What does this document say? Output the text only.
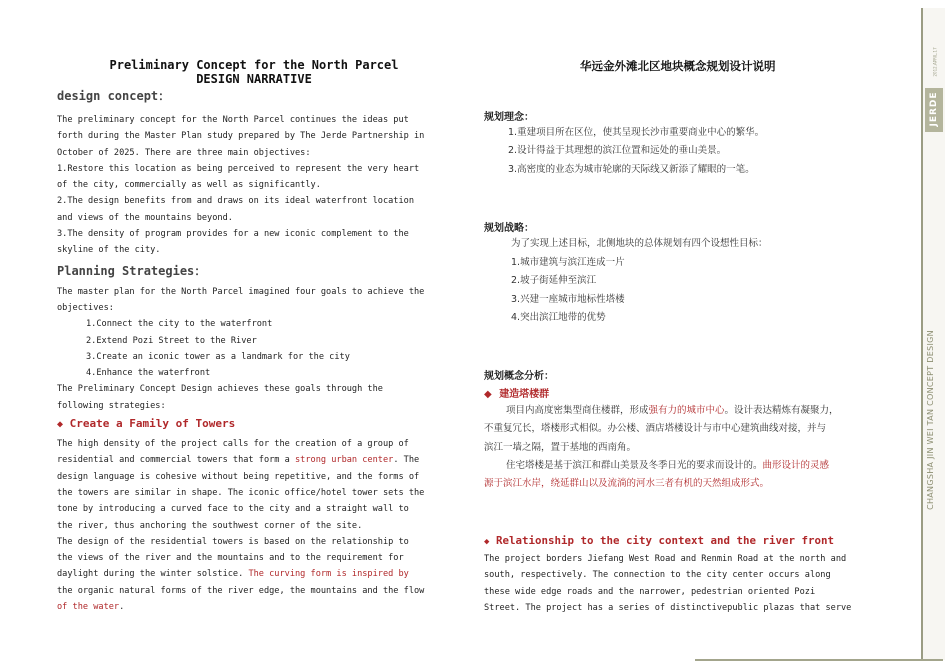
Preliminary Concept for the North Parcel
DESIGN NARRATIVE
design concept：
The preliminary concept for the North Parcel continues the ideas put
forth during the Master Plan study prepared by The Jerde Partnership in
October of 2025. There are three main objectives:
1.Restore this location as being perceived to represent the very heart
of the city, commercially as well as significantly.
2.The design benefits from and draws on its ideal waterfront location
and views of the mountains beyond.
3.The density of program provides for a new iconic complement to the
skyline of the city.
Planning Strategies：
The master plan for the North Parcel imagined four goals to achieve the
objectives:
1.Connect the city to the waterfront
2.Extend Pozi Street to the River
3.Create an iconic tower as a landmark for the city
4.Enhance the waterfront
The Preliminary Concept Design achieves these goals through the
following strategies:
◆ Create a Family of Towers
The high density of the project calls for the creation of a group of
residential and commercial towers that form a strong urban center. The
design language is cohesive without being repetitive, and the forms of
the towers are similar in shape. The iconic office/hotel tower sets the
tone by introducing a curved face to the city and a straight wall to
the river, thus anchoring the southwest corner of the site.
The design of the residential towers is based on the relationship to
the views of the river and the mountains and to the requirement for
daylight during the winter solstice. The curving form is inspired by
the organic natural forms of the river edge, the mountains and the flow
of the water.
华远金外滩北区地块概念规划设计说明
规划理念：
1.重建项目所在区位，使其呈现长沙市重要商业中心的繁华。
2.设计得益于其理想的滨江位置和远处的垂山美景。
3.高密度的业态为城市轮廓的天际线又新添了耀眼的一笔。
规划战略：
为了实现上述目标，北侧地块的总体规划有四个设想性目标：
1.城市建筑与滨江连成一片
2.坡子街延伸至滨江
3.兴建一座城市地标性塔楼
4.突出滨江地带的优势
规划概念分析：
◆ 建造塔楼群
项目内高度密集型商住楼群，形成强有力的城市中心。设计表达精炼有凝聚力，
不重复冗长，塔楼形式相似。办公楼、酒店塔楼设计与市中心建筑曲线对接，并与
滨江一墙之隔，置于基地的西南角。
住宅塔楼是基于滨江和群山美景及冬季日光的要求而设计的。曲形设计的灵感
源于滨江水岸，绕延群山以及流淌的河水三者有机的天然组成形式。
◆ Relationship to the city context and the river front
The project borders Jiefang West Road and Renmin Road at the north and
south, respectively. The connection to the city center occurs along
these wide edge roads and the narrower, pedestrian oriented Pozi
Street. The project has a series of distinctivepublic plazas that serve
2012.APRIL.17
JERDE
CHANGSHA JIN WEI TAN CONCEPT DESIGN
